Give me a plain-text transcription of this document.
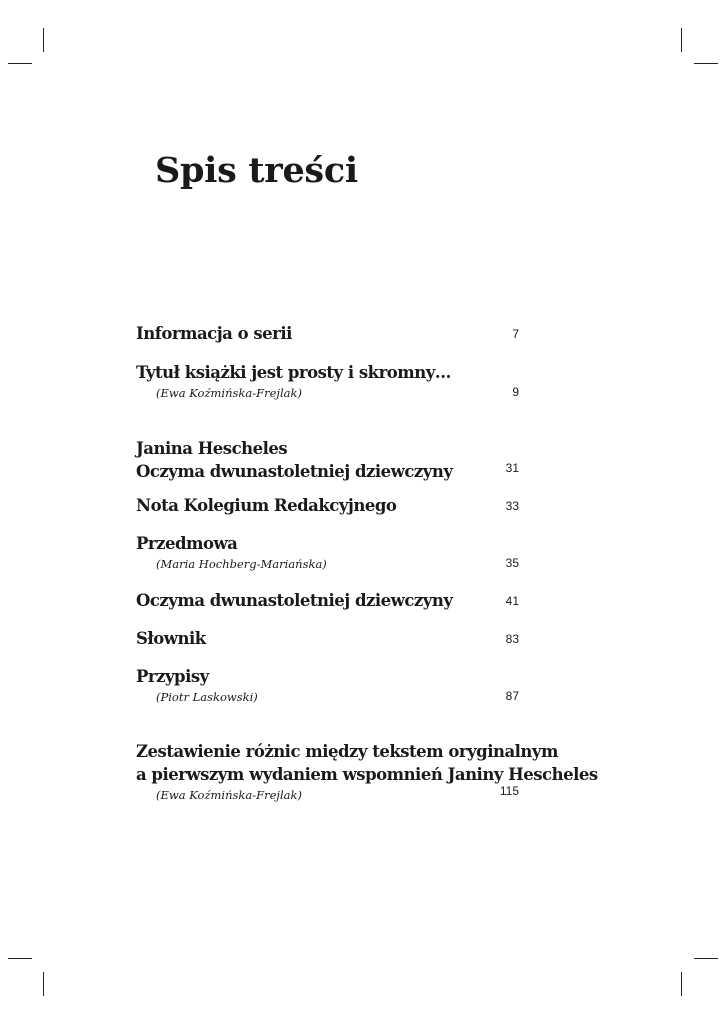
Spis treści
Informacja o serii	7
Tytuł książki jest prosty i skromny…
(Ewa Koźmińska-Frejlak)	9
Janina Hescheles
Oczyma dwunastoletniej dziewczyny	31
Nota Kolegium Redakcyjnego	33
Przedmowa
(Maria Hochberg-Mariańska)	35
Oczyma dwunastoletniej dziewczyny	41
Słownik	83
Przypisy
(Piotr Laskowski)	87
Zestawienie różnic między tekstem oryginalnym
a pierwszym wydaniem wspomnień Janiny Hescheles
(Ewa Koźmińska-Frejlak)	115
